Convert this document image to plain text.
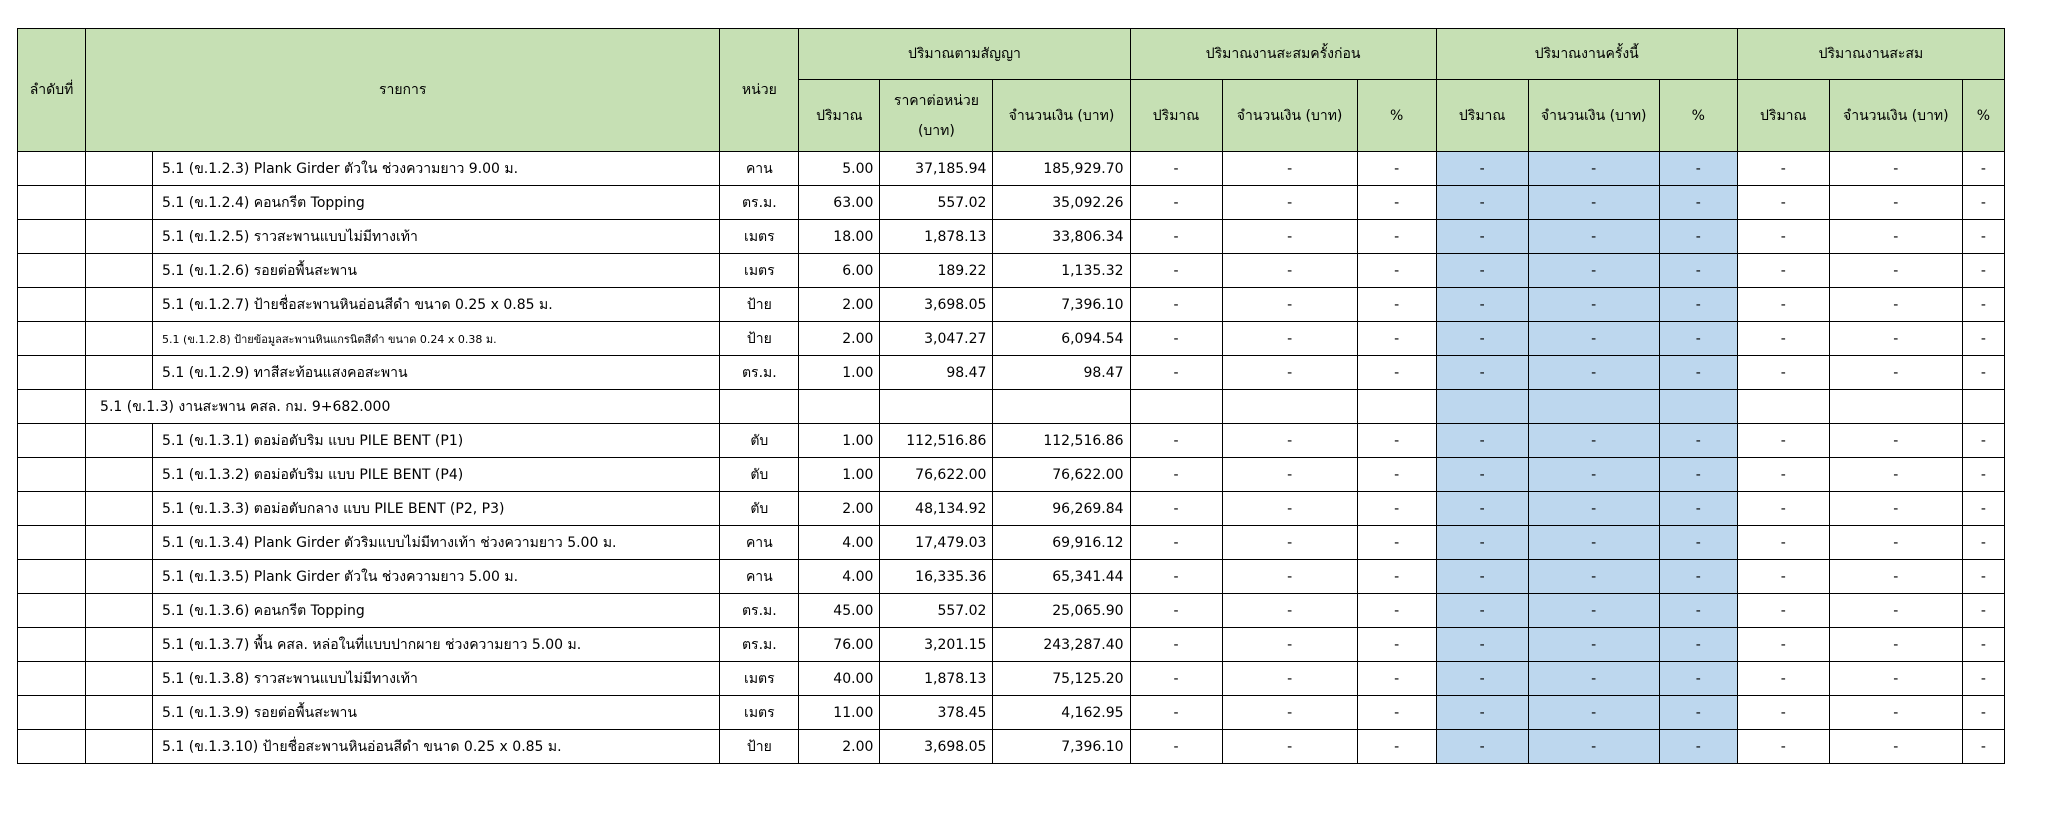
ลำดับที่	รายการ	หน่วย	ปริมาณตามสัญญา			ปริมาณงานสะสมครั้งก่อน			ปริมาณงานครั้งนี้			ปริมาณงานสะสม		
			ปริมาณ	ราคาต่อหน่วย (บาท)	จำนวนเงิน (บาท)	ปริมาณ	จำนวนเงิน (บาท)	%	ปริมาณ	จำนวนเงิน (บาท)	%	ปริมาณ	จำนวนเงิน (บาท)	%

5.1 (ข.1.2.3) Plank Girder ตัวใน ช่วงความยาว 9.00 ม.	คาน	5.00	37,185.94	185,929.70	-	-	-	-	-	-	-	-	-

5.1 (ข.1.2.4) คอนกรีต Topping	ตร.ม.	63.00	557.02	35,092.26	-	-	-	-	-	-	-	-	-

5.1 (ข.1.2.5) ราวสะพานแบบไม่มีทางเท้า	เมตร	18.00	1,878.13	33,806.34	-	-	-	-	-	-	-	-	-

5.1 (ข.1.2.6) รอยต่อพื้นสะพาน	เมตร	6.00	189.22	1,135.32	-	-	-	-	-	-	-	-	-

5.1 (ข.1.2.7) ป้ายชื่อสะพานหินอ่อนสีดำ ขนาด 0.25 x 0.85 ม.	ป้าย	2.00	3,698.05	7,396.10	-	-	-	-	-	-	-	-	-

5.1 (ข.1.2.8) ป้ายข้อมูลสะพานหินแกรนิตสีดำ ขนาด 0.24 x 0.38 ม.	ป้าย	2.00	3,047.27	6,094.54	-	-	-	-	-	-	-	-	-

5.1 (ข.1.2.9) ทาสีสะท้อนแสงคอสะพาน	ตร.ม.	1.00	98.47	98.47	-	-	-	-	-	-	-	-	-
	5.1 (ข.1.3) งานสะพาน คสล. กม. 9+682.000													

5.1 (ข.1.3.1) ตอม่อตับริม แบบ PILE BENT (P1)	ตับ	1.00	112,516.86	112,516.86	-	-	-	-	-	-	-	-	-

5.1 (ข.1.3.2) ตอม่อตับริม แบบ PILE BENT (P4)	ตับ	1.00	76,622.00	76,622.00	-	-	-	-	-	-	-	-	-

5.1 (ข.1.3.3) ตอม่อตับกลาง แบบ PILE BENT (P2, P3)	ตับ	2.00	48,134.92	96,269.84	-	-	-	-	-	-	-	-	-

5.1 (ข.1.3.4) Plank Girder ตัวริมแบบไม่มีทางเท้า ช่วงความยาว 5.00 ม.	คาน	4.00	17,479.03	69,916.12	-	-	-	-	-	-	-	-	-

5.1 (ข.1.3.5) Plank Girder ตัวใน ช่วงความยาว 5.00 ม.	คาน	4.00	16,335.36	65,341.44	-	-	-	-	-	-	-	-	-

5.1 (ข.1.3.6) คอนกรีต Topping	ตร.ม.	45.00	557.02	25,065.90	-	-	-	-	-	-	-	-	-

5.1 (ข.1.3.7) พื้น คสล. หล่อในที่แบบปากผาย ช่วงความยาว 5.00 ม.	ตร.ม.	76.00	3,201.15	243,287.40	-	-	-	-	-	-	-	-	-

5.1 (ข.1.3.8) ราวสะพานแบบไม่มีทางเท้า	เมตร	40.00	1,878.13	75,125.20	-	-	-	-	-	-	-	-	-

5.1 (ข.1.3.9) รอยต่อพื้นสะพาน	เมตร	11.00	378.45	4,162.95	-	-	-	-	-	-	-	-	-

5.1 (ข.1.3.10) ป้ายชื่อสะพานหินอ่อนสีดำ ขนาด 0.25 x 0.85 ม.	ป้าย	2.00	3,698.05	7,396.10	-	-	-	-	-	-	-	-	-
